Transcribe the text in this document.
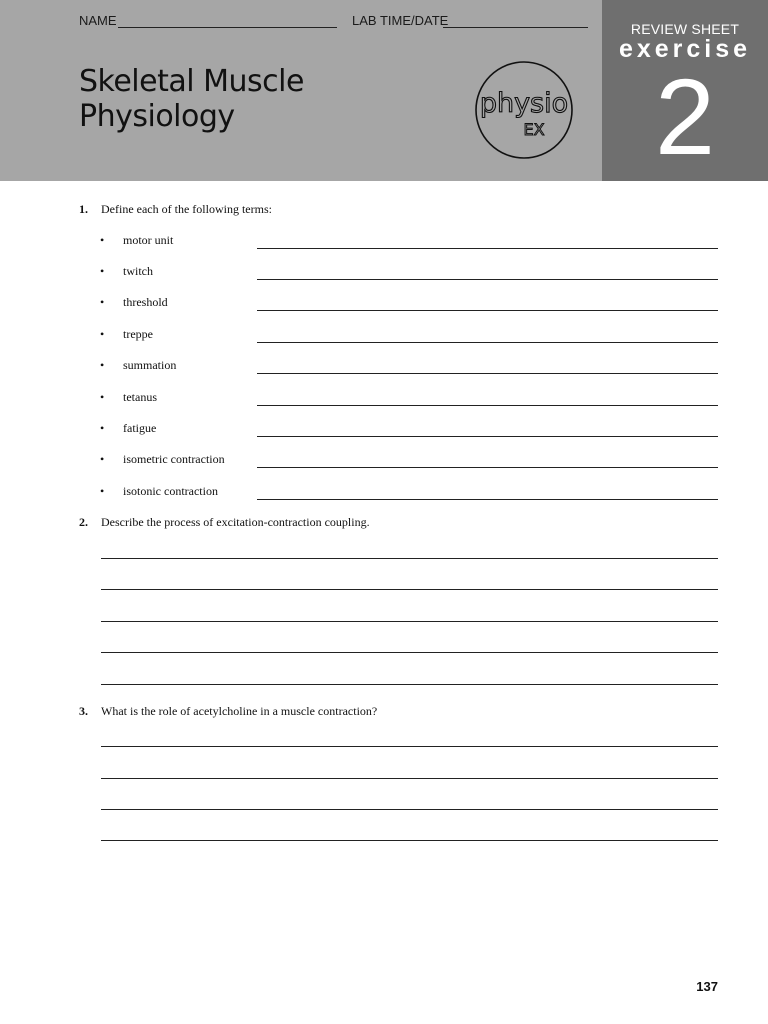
NAME	LAB TIME/DATE
Skeletal Muscle
Physiology	physio
EX
REVIEW SHEET
exercise
2
1. Define each of the following terms:
• motor unit
• twitch
• threshold
• treppe
• summation
• tetanus
• fatigue
• isometric contraction
• isotonic contraction
2. Describe the process of excitation-contraction coupling.
3. What is the role of acetylcholine in a muscle contraction?
137
